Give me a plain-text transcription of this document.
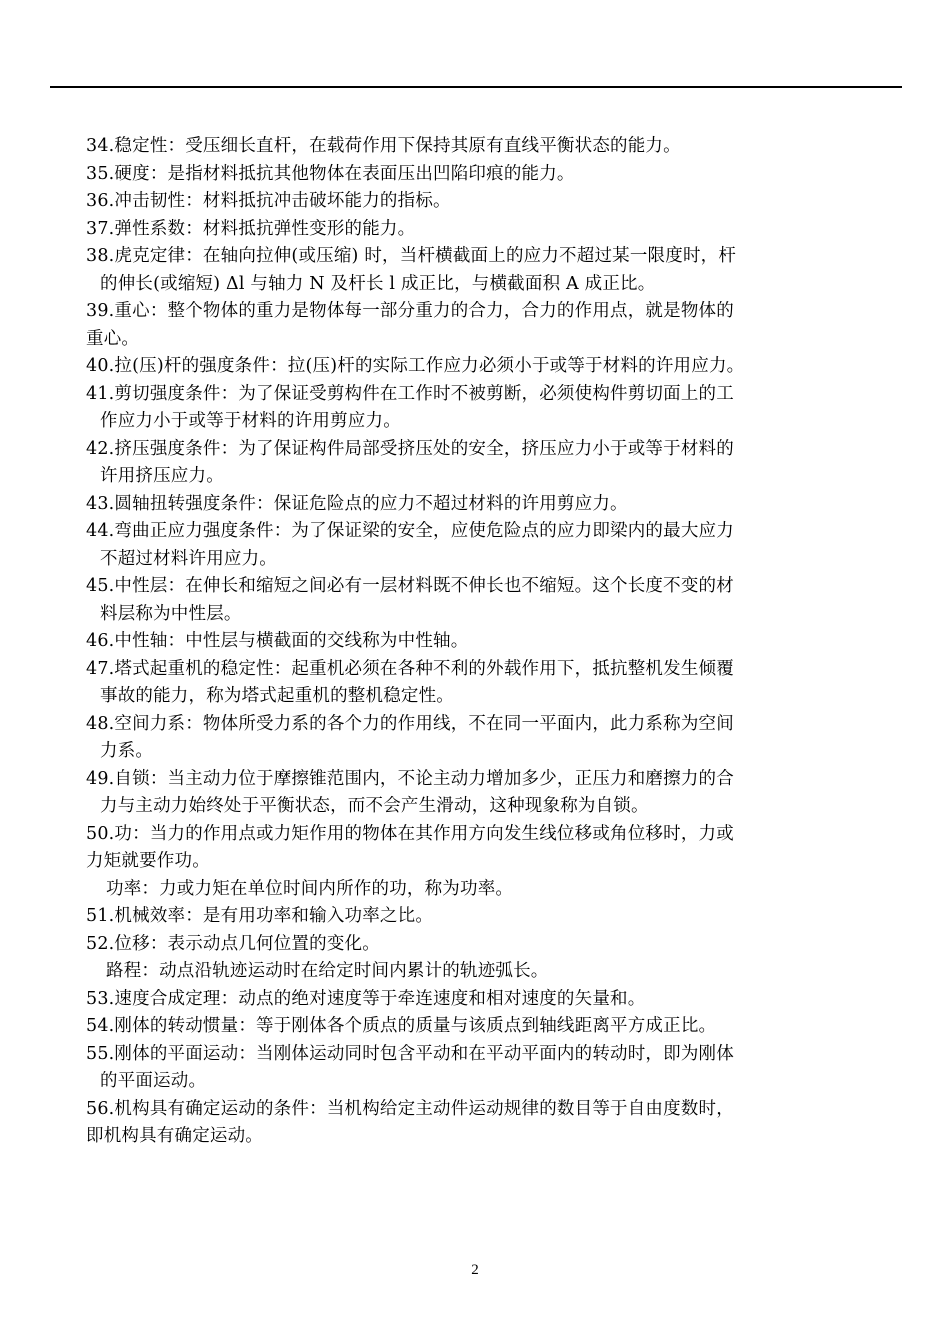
34.稳定性：受压细长直杆，在载荷作用下保持其原有直线平衡状态的能力。
35.硬度：是指材料抵抗其他物体在表面压出凹陷印痕的能力。
36.冲击韧性：材料抵抗冲击破坏能力的指标。
37.弹性系数：材料抵抗弹性变形的能力。
38.虎克定律：在轴向拉伸(或压缩) 时，当杆横截面上的应力不超过某一限度时，杆
的伸长(或缩短) Δl 与轴力 N 及杆长 l 成正比，与横截面积 A 成正比。
39.重心：整个物体的重力是物体每一部分重力的合力，合力的作用点，就是物体的
重心。
40.拉(压)杆的强度条件：拉(压)杆的实际工作应力必须小于或等于材料的许用应力。
41.剪切强度条件：为了保证受剪构件在工作时不被剪断，必须使构件剪切面上的工
作应力小于或等于材料的许用剪应力。
42.挤压强度条件：为了保证构件局部受挤压处的安全，挤压应力小于或等于材料的
许用挤压应力。
43.圆轴扭转强度条件：保证危险点的应力不超过材料的许用剪应力。
44.弯曲正应力强度条件：为了保证梁的安全，应使危险点的应力即梁内的最大应力
不超过材料许用应力。
45.中性层：在伸长和缩短之间必有一层材料既不伸长也不缩短。这个长度不变的材
料层称为中性层。
46.中性轴：中性层与横截面的交线称为中性轴。
47.塔式起重机的稳定性：起重机必须在各种不利的外载作用下，抵抗整机发生倾覆
事故的能力，称为塔式起重机的整机稳定性。
48.空间力系：物体所受力系的各个力的作用线，不在同一平面内，此力系称为空间
力系。
49.自锁：当主动力位于摩擦锥范围内，不论主动力增加多少，正压力和磨擦力的合
力与主动力始终处于平衡状态，而不会产生滑动，这种现象称为自锁。
50.功：当力的作用点或力矩作用的物体在其作用方向发生线位移或角位移时，力或
力矩就要作功。
功率：力或力矩在单位时间内所作的功，称为功率。
51.机械效率：是有用功率和输入功率之比。
52.位移：表示动点几何位置的变化。
路程：动点沿轨迹运动时在给定时间内累计的轨迹弧长。
53.速度合成定理：动点的绝对速度等于牵连速度和相对速度的矢量和。
54.刚体的转动惯量：等于刚体各个质点的质量与该质点到轴线距离平方成正比。
55.刚体的平面运动：当刚体运动同时包含平动和在平动平面内的转动时，即为刚体
的平面运动。
56.机构具有确定运动的条件：当机构给定主动件运动规律的数目等于自由度数时，
即机构具有确定运动。
2
